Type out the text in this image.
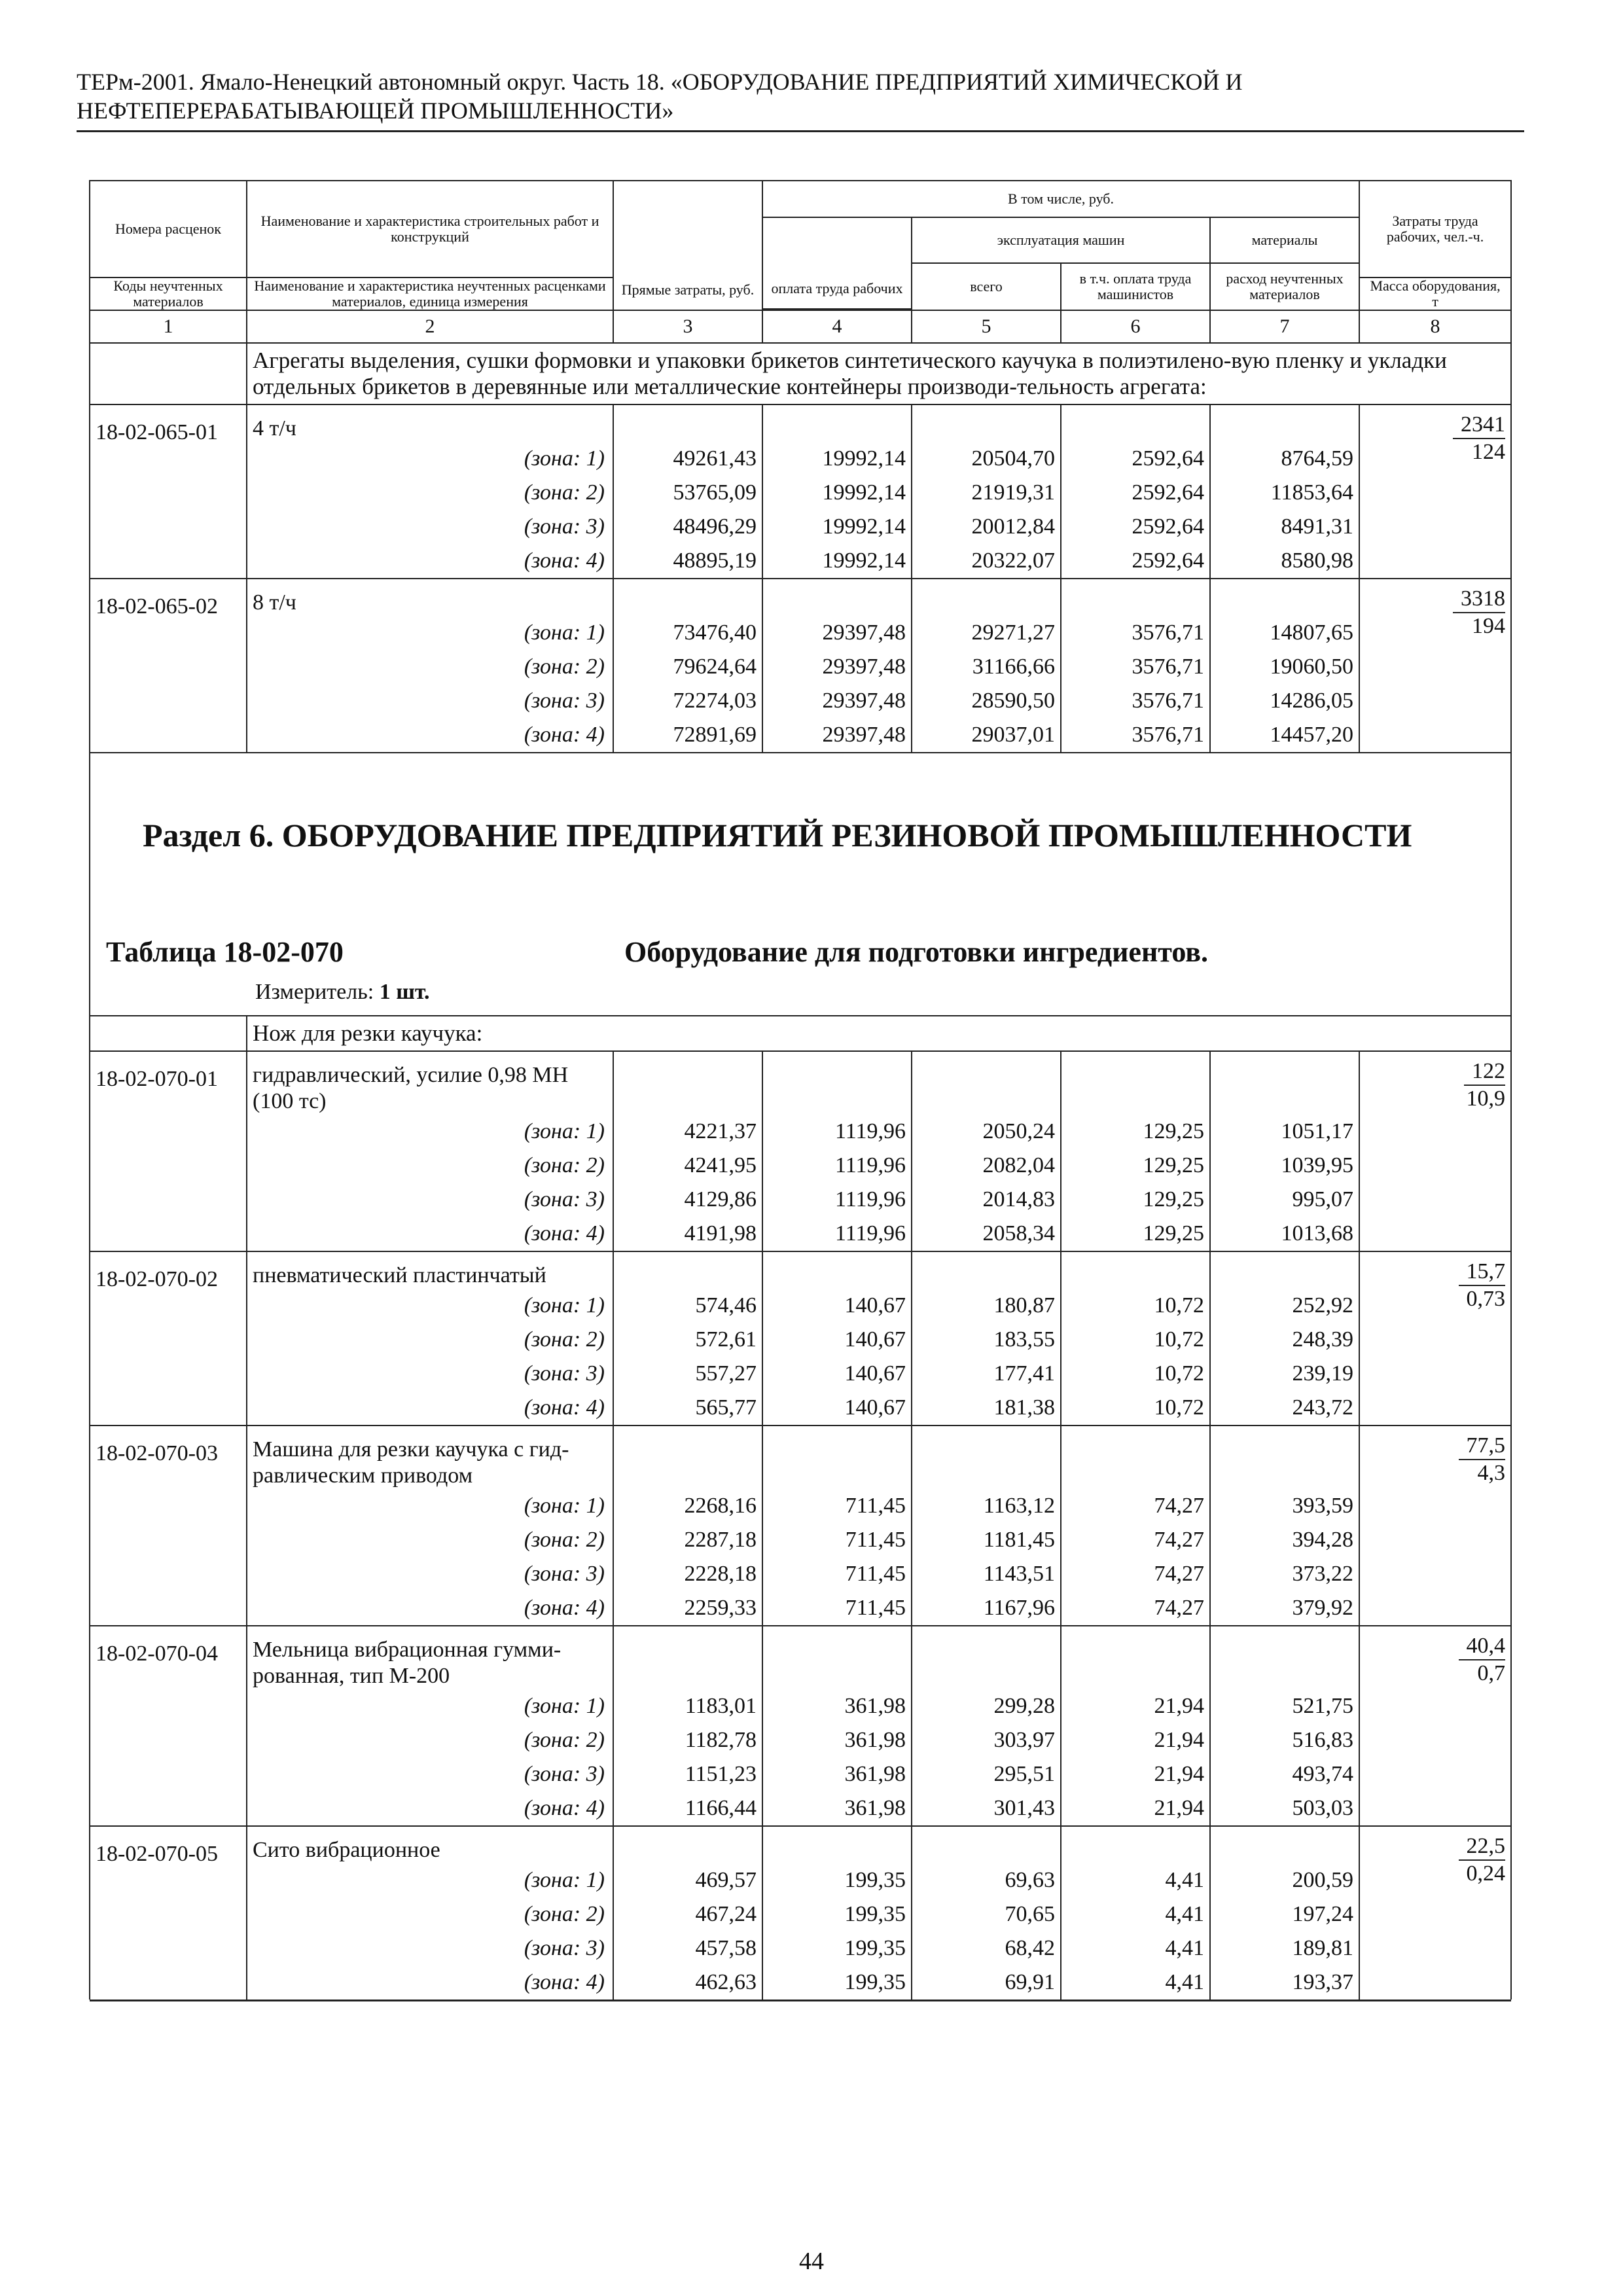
ТЕРм-2001. Ямало-Ненецкий автономный округ. Часть 18. «ОБОРУДОВАНИЕ ПРЕДПРИЯТИЙ ХИМИЧЕСКОЙ И
НЕФТЕПЕРЕРАБАТЫВАЮЩЕЙ ПРОМЫШЛЕННОСТИ»
Номера расценок	Наименование и характеристика строительных работ и конструкций	Прямые затраты, руб.	В том числе, руб.				Затраты труда рабочих, чел.-ч.
			оплата труда рабочих	эксплуатация машин		материалы	
				всего	в т.ч. оплата труда машинистов	расход неучтенных материалов	
Коды неучтенных материалов	Наименование и характеристика неучтенных расценками материалов, единица измерения						Масса оборудования, т

1	2	3	4	5	6	7	8
	Агрегаты выделения, сушки формовки и упаковки брикетов синтетического каучука в полиэтилено-вую пленку и укладки отдельных брикетов в деревянные или металлические контейнеры производи-тельность агрегата:						
18-02-065-01	4 т/ч						$\frac{2341}{124}$

	(зона: 1)	49261,43	19992,14	20504,70	2592,64	8764,59	
	(зона: 2)	53765,09	19992,14	21919,31	2592,64	11853,64	
	(зона: 3)	48496,29	19992,14	20012,84	2592,64	8491,31	
	(зона: 4)	48895,19	19992,14	20322,07	2592,64	8580,98	
18-02-065-02	8 т/ч						$\frac{3318}{194}$

	(зона: 1)	73476,40	29397,48	29271,27	3576,71	14807,65	
	(зона: 2)	79624,64	29397,48	31166,66	3576,71	19060,50	
	(зона: 3)	72274,03	29397,48	28590,50	3576,71	14286,05	
	(зона: 4)	72891,69	29397,48	29037,01	3576,71	14457,20	

Раздел 6. ОБОРУДОВАНИЕ ПРЕДПРИЯТИЙ РЕЗИНОВОЙ ПРОМЫШЛЕННОСТИ
Таблица 18-02-070 Оборудование для подготовки ингредиентов.
Измеритель: 1 шт.							

	Нож для резки каучука:						
18-02-070-01	гидравлический, усилие 0,98 МН (100 тс)						$\frac{122}{10,9}$

	(зона: 1)	4221,37	1119,96	2050,24	129,25	1051,17	
	(зона: 2)	4241,95	1119,96	2082,04	129,25	1039,95	
	(зона: 3)	4129,86	1119,96	2014,83	129,25	995,07	
	(зона: 4)	4191,98	1119,96	2058,34	129,25	1013,68	
18-02-070-02	пневматический пластинчатый						$\frac{15,7}{0,73}$

	(зона: 1)	574,46	140,67	180,87	10,72	252,92	
	(зона: 2)	572,61	140,67	183,55	10,72	248,39	
	(зона: 3)	557,27	140,67	177,41	10,72	239,19	
	(зона: 4)	565,77	140,67	181,38	10,72	243,72	
18-02-070-03	Машина для резки каучука с гид-равлическим приводом						$\frac{77,5}{4,3}$

	(зона: 1)	2268,16	711,45	1163,12	74,27	393,59	
	(зона: 2)	2287,18	711,45	1181,45	74,27	394,28	
	(зона: 3)	2228,18	711,45	1143,51	74,27	373,22	
	(зона: 4)	2259,33	711,45	1167,96	74,27	379,92	
18-02-070-04	Мельница вибрационная гумми-рованная, тип М-200						$\frac{40,4}{0,7}$

	(зона: 1)	1183,01	361,98	299,28	21,94	521,75	
	(зона: 2)	1182,78	361,98	303,97	21,94	516,83	
	(зона: 3)	1151,23	361,98	295,51	21,94	493,74	
	(зона: 4)	1166,44	361,98	301,43	21,94	503,03	
18-02-070-05	Сито вибрационное						$\frac{22,5}{0,24}$

	(зона: 1)	469,57	199,35	69,63	4,41	200,59	
	(зона: 2)	467,24	199,35	70,65	4,41	197,24	
	(зона: 3)	457,58	199,35	68,42	4,41	189,81	
	(зона: 4)	462,63	199,35	69,91	4,41	193,37	

44
